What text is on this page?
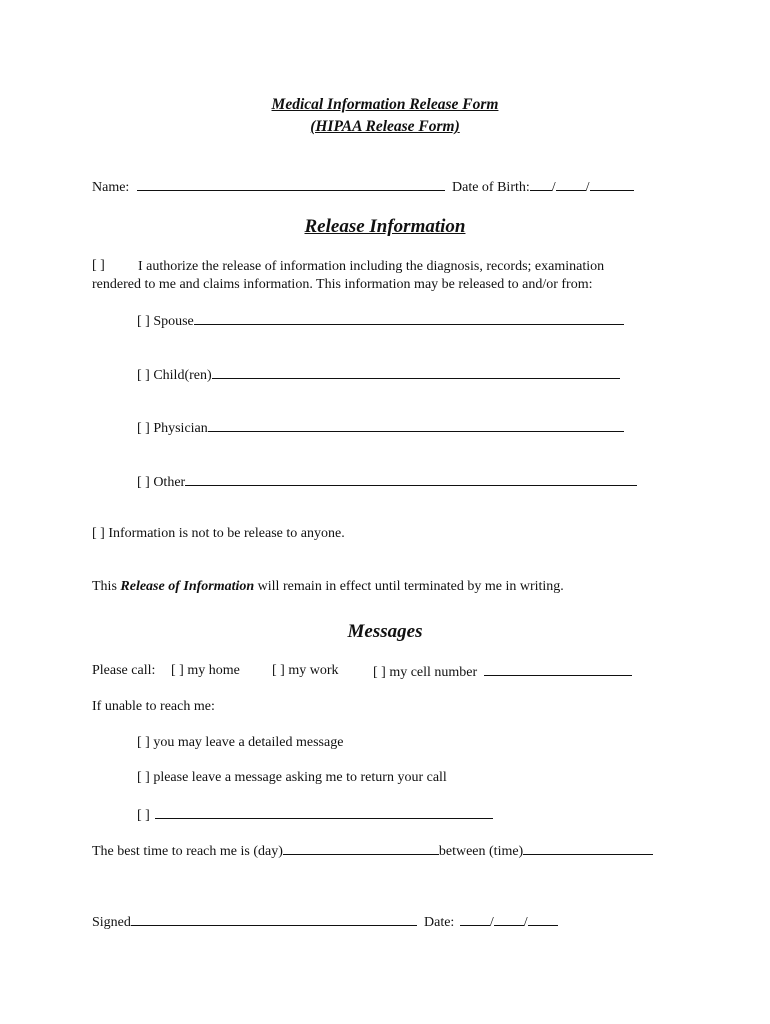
Medical Information Release Form
(HIPAA Release Form)
Name:	Date of Birth: / /
Release Information
[ ]	I authorize the release of information including the diagnosis, records; examination rendered to me and claims information. This information may be released to and/or from:
[ ] Spouse
[ ] Child(ren)
[ ] Physician
[ ] Other
[ ] Information is not to be release to anyone.
This Release of Information will remain in effect until terminated by me in writing.
Messages
Please call: [ ] my home [ ] my work [ ] my cell number
If unable to reach me:
[ ] you may leave a detailed message
[ ] please leave a message asking me to return your call
[ ]
The best time to reach me is (day)	between (time)
Signed	Date:	/ /
